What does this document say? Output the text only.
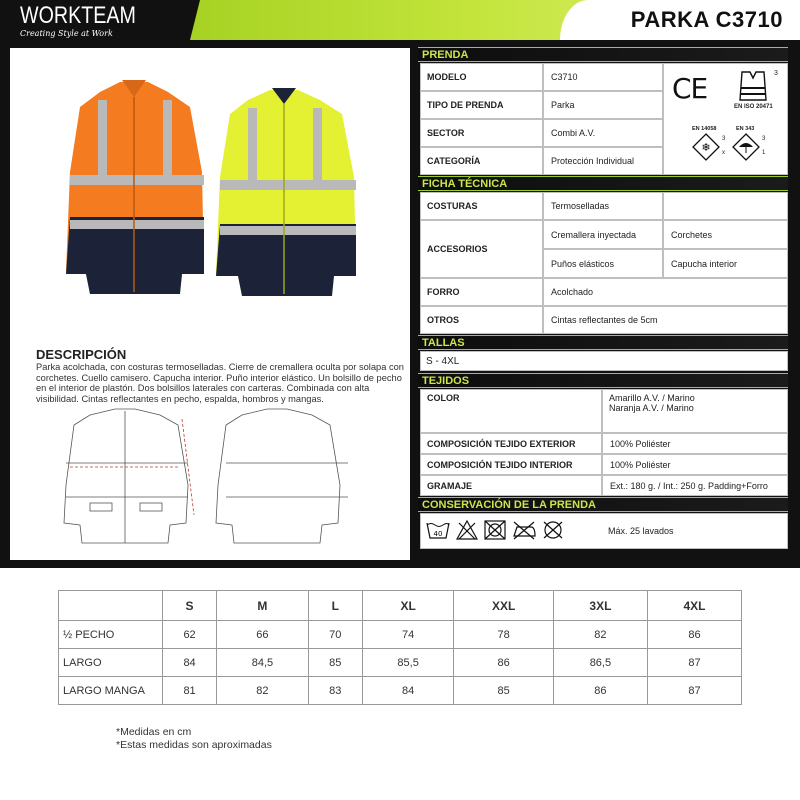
WORKTEAM
Creating Style at Work
PARKA C3710
DESCRIPCIÓN
Parka acolchada, con costuras termoselladas. Cierre de cremallera oculta por solapa con corchetes. Cuello camisero. Capucha interior. Puño interior elástico. Un bolsillo de pecho en el interior de plastón. Dos bolsillos laterales con carteras. Combinada con alta visibilidad. Cintas reflectantes en pecho, espalda, hombros y mangas.
PRENDA
MODELO	C3710
TIPO DE PRENDA	Parka
SECTOR	Combi A.V.
CATEGORÍA	Protección Individual
CE	3
EN ISO 20471
EN 14058
❄
3
x
EN 343
3
1
FICHA TÉCNICA
COSTURAS	Termoselladas
ACCESORIOS
Cremallera inyectada	Corchetes
Puños elásticos	Capucha interior
FORRO	Acolchado
OTROS	Cintas reflectantes de 5cm
TALLAS
S - 4XL
TEJIDOS
COLOR	Amarillo A.V. / Marino
Naranja A.V. / Marino
COMPOSICIÓN TEJIDO EXTERIOR	100% Poliéster
COMPOSICIÓN TEJIDO INTERIOR	100% Poliéster
GRAMAJE	Ext.: 180 g. / Int.: 250 g. Padding+Forro
CONSERVACIÓN DE LA PRENDA
40	Máx. 25 lavados
	S	M	L	XL	XXL	3XL	4XL
½ PECHO	62	66	70	74	78	82	86
LARGO	84	84,5	85	85,5	86	86,5	87
LARGO MANGA	81	82	83	84	85	86	87
*Medidas en cm
*Estas medidas son aproximadas
